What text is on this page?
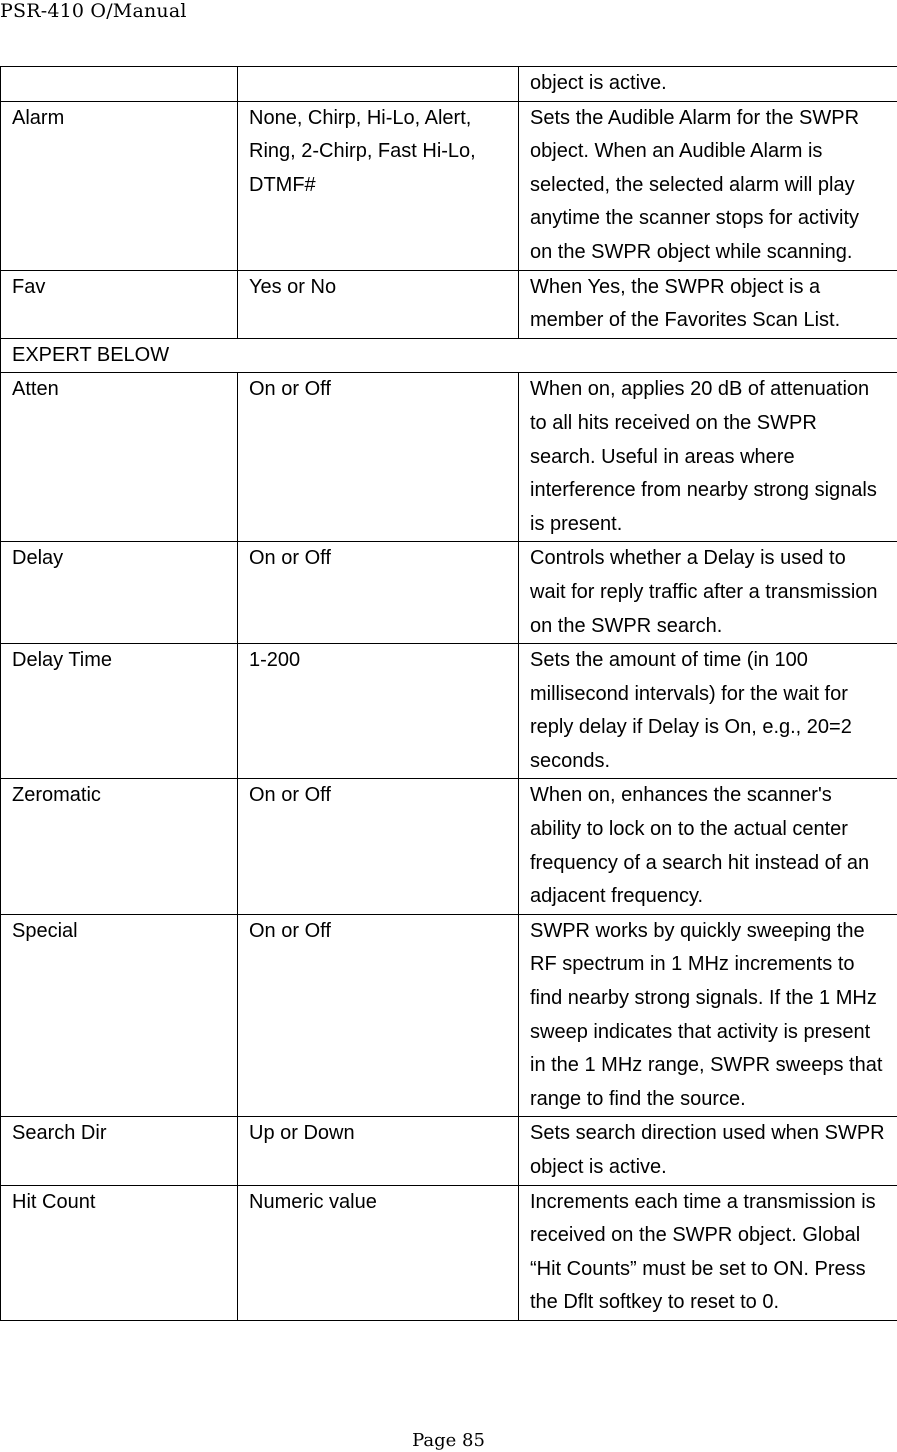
PSR-410 O/Manual
		object is active.
Alarm	None, Chirp, Hi-Lo, Alert, Ring, 2-Chirp, Fast Hi-Lo, DTMF#	Sets the Audible Alarm for the SWPR object. When an Audible Alarm is selected, the selected alarm will play anytime the scanner stops for activity on the SWPR object while scanning.
Fav	Yes or No	When Yes, the SWPR object is a member of the Favorites Scan List.
EXPERT BELOW		
Atten	On or Off	When on, applies 20 dB of attenuation to all hits received on the SWPR search. Useful in areas where interference from nearby strong signals is present.
Delay	On or Off	Controls whether a Delay is used to wait for reply traffic after a transmission on the SWPR search.
Delay Time	1-200	Sets the amount of time (in 100 millisecond intervals) for the wait for reply delay if Delay is On, e.g., 20=2 seconds.
Zeromatic	On or Off	When on, enhances the scanner's ability to lock on to the actual center frequency of a search hit instead of an adjacent frequency.
Special	On or Off	SWPR works by quickly sweeping the RF spectrum in 1 MHz increments to find nearby strong signals. If the 1 MHz sweep indicates that activity is present in the 1 MHz range, SWPR sweeps that range to find the source.
Search Dir	Up or Down	Sets search direction used when SWPR object is active.
Hit Count	Numeric value	Increments each time a transmission is received on the SWPR object. Global “Hit Counts” must be set to ON. Press the Dflt softkey to reset to 0.
Page 85
